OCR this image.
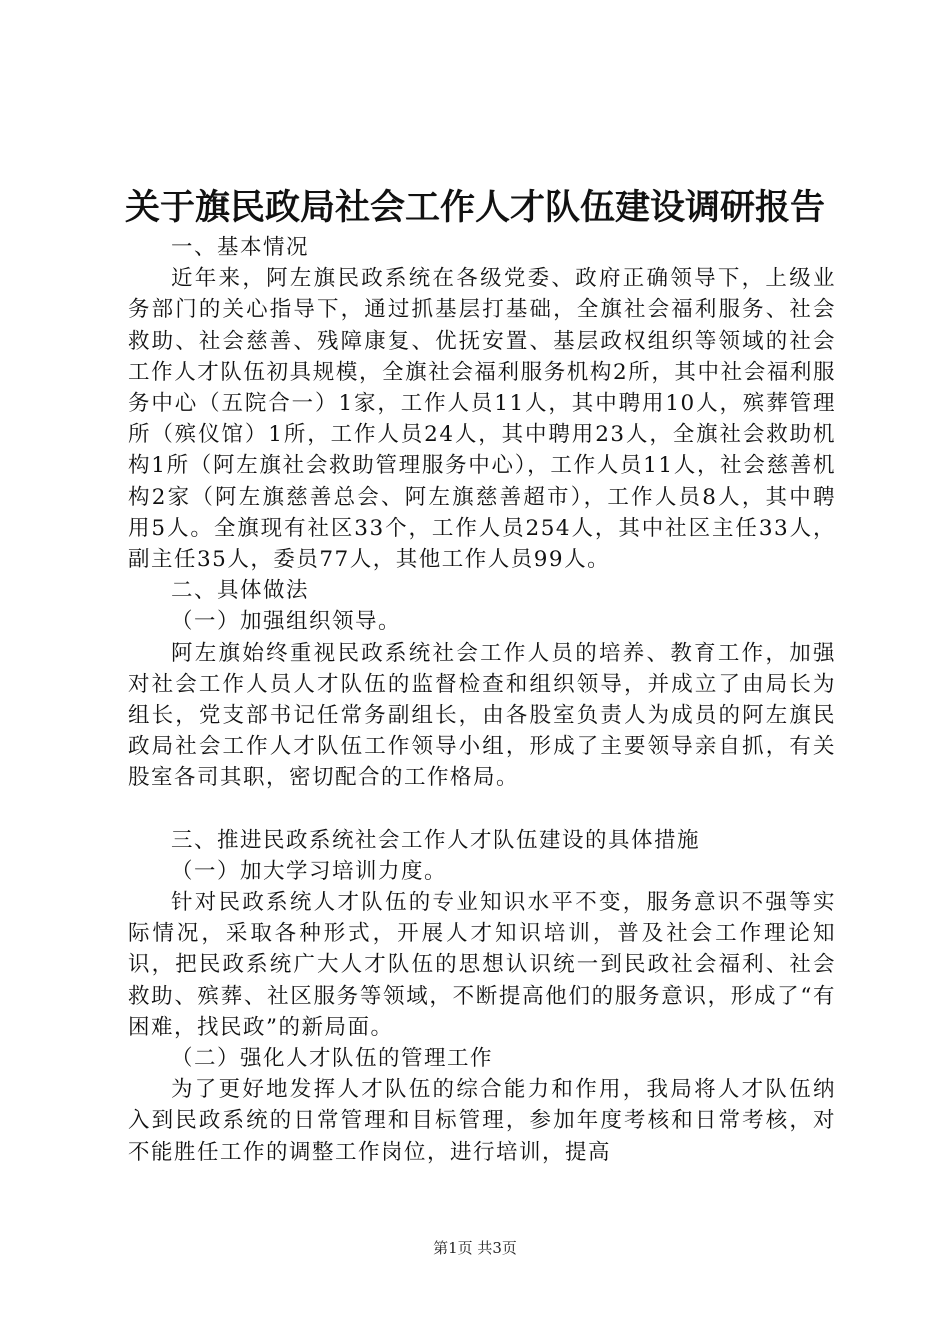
关于旗民政局社会工作人才队伍建设调研报告

一、基本情况

近年来，阿左旗民政系统在各级党委、政府正确领导下，上级业务部门的关心指导下，通过抓基层打基础，全旗社会福利服务、社会救助、社会慈善、残障康复、优抚安置、基层政权组织等领域的社会工作人才队伍初具规模，全旗社会福利服务机构2所，其中社会福利服务中心（五院合一）1家，工作人员11人，其中聘用10人，殡葬管理所（殡仪馆）1所，工作人员24人，其中聘用23人，全旗社会救助机构1所（阿左旗社会救助管理服务中心），工作人员11人，社会慈善机构2家（阿左旗慈善总会、阿左旗慈善超市），工作人员8人，其中聘用5人。全旗现有社区33个，工作人员254人，其中社区主任33人，副主任35人，委员77人，其他工作人员99人。

二、具体做法

（一）加强组织领导。

阿左旗始终重视民政系统社会工作人员的培养、教育工作，加强对社会工作人员人才队伍的监督检查和组织领导，并成立了由局长为组长，党支部书记任常务副组长，由各股室负责人为成员的阿左旗民政局社会工作人才队伍工作领导小组，形成了主要领导亲自抓，有关股室各司其职，密切配合的工作格局。

三、推进民政系统社会工作人才队伍建设的具体措施

（一）加大学习培训力度。

针对民政系统人才队伍的专业知识水平不变，服务意识不强等实际情况，采取各种形式，开展人才知识培训，普及社会工作理论知识，把民政系统广大人才队伍的思想认识统一到民政社会福利、社会救助、殡葬、社区服务等领域，不断提高他们的服务意识，形成了“有困难，找民政”的新局面。

（二）强化人才队伍的管理工作

为了更好地发挥人才队伍的综合能力和作用，我局将人才队伍纳入到民政系统的日常管理和目标管理，参加年度考核和日常考核，对不能胜任工作的调整工作岗位，进行培训，提高

第1页 共3页
